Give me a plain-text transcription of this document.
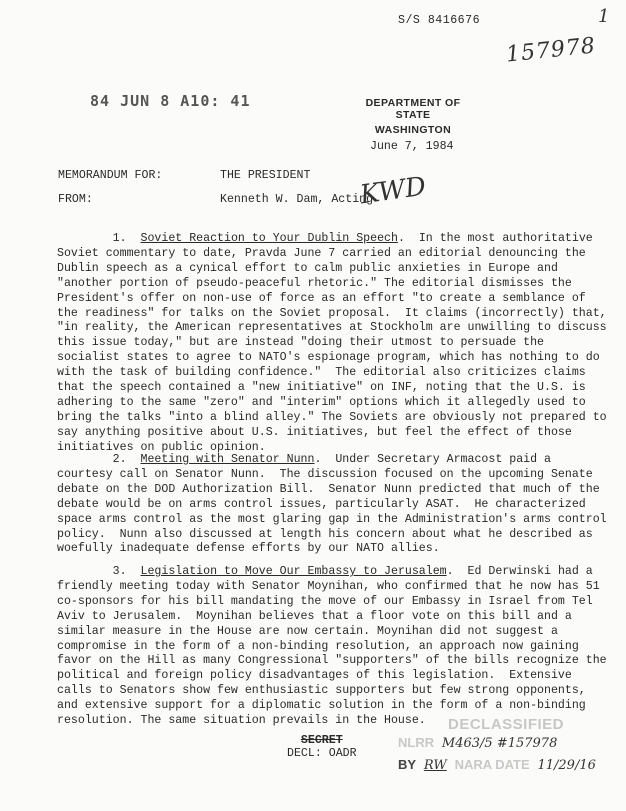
S/S 8416676	1
157978
84 JUN 8 A10: 41	DEPARTMENT OF STATE
WASHINGTON
June 7, 1984
MEMORANDUM FOR:	THE PRESIDENT
FROM:	Kenneth W. Dam, Acting
KWD

1. Soviet Reaction to Your Dublin Speech.  In the most authoritative Soviet commentary to date, Pravda June 7 carried an editorial denouncing the Dublin speech as a cynical effort to calm public anxieties in Europe and "another portion of pseudo-peaceful rhetoric." The editorial dismisses the President's offer on non-use of force as an effort "to create a semblance of the readiness" for talks on the Soviet proposal.  It claims (incorrectly) that, "in reality, the American representatives at Stockholm are unwilling to discuss this issue today," but are instead "doing their utmost to persuade the socialist states to agree to NATO's espionage program, which has nothing to do with the task of building confidence."  The editorial also criticizes claims that the speech contained a "new initiative" on INF, noting that the U.S. is adhering to the same "zero" and "interim" options which it allegedly used to bring the talks "into a blind alley." The Soviets are obviously not prepared to say anything positive about U.S. initiatives, but feel the effect of those initiatives on public opinion.

2. Meeting with Senator Nunn.  Under Secretary Armacost paid a courtesy call on Senator Nunn.  The discussion focused on the upcoming Senate debate on the DOD Authorization Bill.  Senator Nunn predicted that much of the debate would be on arms control issues, particularly ASAT.  He characterized space arms control as the most glaring gap in the Administration's arms control policy.  Nunn also discussed at length his concern about what he described as woefully inadequate defense efforts by our NATO allies.

3. Legislation to Move Our Embassy to Jerusalem.  Ed Derwinski had a friendly meeting today with Senator Moynihan, who confirmed that he now has 51 co-sponsors for his bill mandating the move of our Embassy in Israel from Tel Aviv to Jerusalem.  Moynihan believes that a floor vote on this bill and a similar measure in the House are now certain. Moynihan did not suggest a compromise in the form of a non-binding resolution, an approach now gaining favor on the Hill as many Congressional "supporters" of the bills recognize the political and foreign policy disadvantages of this legislation.  Extensive calls to Senators show few enthusiastic supporters but few strong opponents, and extensive support for a diplomatic solution in the form of a non-binding resolution. The same situation prevails in the House.

SECRET
DECL: OADR
DECLASSIFIED
NLRR M463/5 #157978
BY RW NARA DATE 11/29/16
